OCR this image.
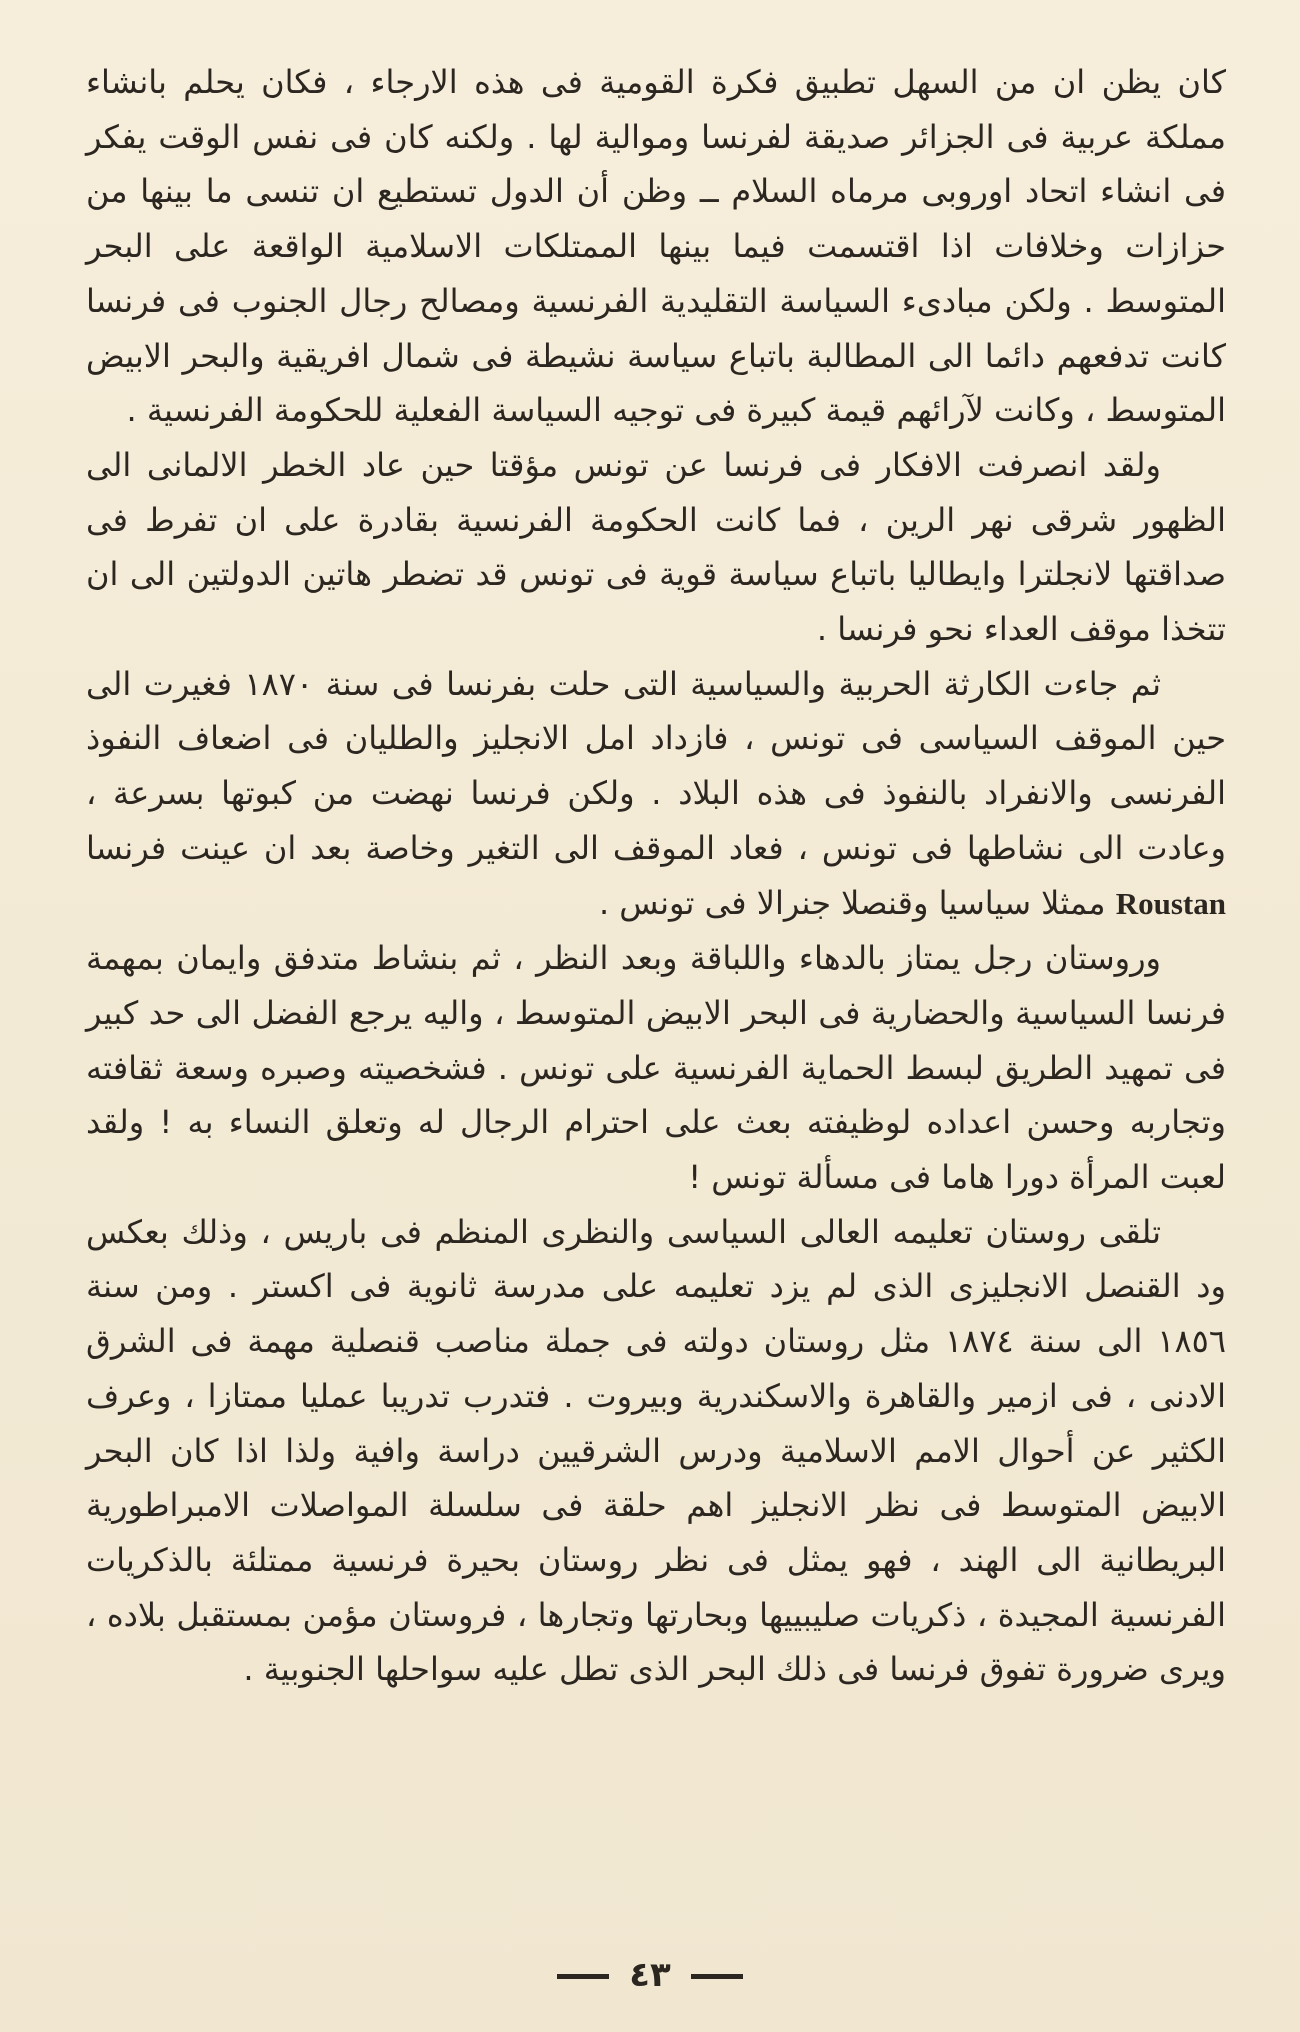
كان يظن ان من السهل تطبيق فكرة القومية فى هذه الارجاء ، فكان يحلم بانشاء مملكة عربية فى الجزائر صديقة لفرنسا وموالية لها . ولكنه كان فى نفس الوقت يفكر فى انشاء اتحاد اوروبى مرماه السلام ــ وظن أن الدول تستطيع ان تنسى ما بينها من حزازات وخلافات اذا اقتسمت فيما بينها الممتلكات الاسلامية الواقعة على البحر المتوسط . ولكن مبادىء السياسة التقليدية الفرنسية ومصالح رجال الجنوب فى فرنسا كانت تدفعهم دائما الى المطالبة باتباع سياسة نشيطة فى شمال افريقية والبحر الابيض المتوسط ، وكانت لآرائهم قيمة كبيرة فى توجيه السياسة الفعلية للحكومة الفرنسية .

ولقد انصرفت الافكار فى فرنسا عن تونس مؤقتا حين عاد الخطر الالمانى الى الظهور شرقى نهر الرين ، فما كانت الحكومة الفرنسية بقادرة على ان تفرط فى صداقتها لانجلترا وايطاليا باتباع سياسة قوية فى تونس قد تضطر هاتين الدولتين الى ان تتخذا موقف العداء نحو فرنسا .

ثم جاءت الكارثة الحربية والسياسية التى حلت بفرنسا فى سنة ١٨٧٠ فغيرت الى حين الموقف السياسى فى تونس ، فازداد امل الانجليز والطليان فى اضعاف النفوذ الفرنسى والانفراد بالنفوذ فى هذه البلاد . ولكن فرنسا نهضت من كبوتها بسرعة ، وعادت الى نشاطها فى تونس ، فعاد الموقف الى التغير وخاصة بعد ان عينت فرنسا Roustan ممثلا سياسيا وقنصلا جنرالا فى تونس .

وروستان رجل يمتاز بالدهاء واللباقة وبعد النظر ، ثم بنشاط متدفق وايمان بمهمة فرنسا السياسية والحضارية فى البحر الابيض المتوسط ، واليه يرجع الفضل الى حد كبير فى تمهيد الطريق لبسط الحماية الفرنسية على تونس . فشخصيته وصبره وسعة ثقافته وتجاربه وحسن اعداده لوظيفته بعث على احترام الرجال له وتعلق النساء به ! ولقد لعبت المرأة دورا هاما فى مسألة تونس !

تلقى روستان تعليمه العالى السياسى والنظرى المنظم فى باريس ، وذلك بعكس ود القنصل الانجليزى الذى لم يزد تعليمه على مدرسة ثانوية فى اكستر . ومن سنة ١٨٥٦ الى سنة ١٨٧٤ مثل روستان دولته فى جملة مناصب قنصلية مهمة فى الشرق الادنى ، فى ازمير والقاهرة والاسكندرية وبيروت . فتدرب تدريبا عمليا ممتازا ، وعرف الكثير عن أحوال الامم الاسلامية ودرس الشرقيين دراسة وافية ولذا اذا كان البحر الابيض المتوسط فى نظر الانجليز اهم حلقة فى سلسلة المواصلات الامبراطورية البريطانية الى الهند ، فهو يمثل فى نظر روستان بحيرة فرنسية ممتلئة بالذكريات الفرنسية المجيدة ، ذكريات صليبييها وبحارتها وتجارها ، فروستان مؤمن بمستقبل بلاده ، ويرى ضرورة تفوق فرنسا فى ذلك البحر الذى تطل عليه سواحلها الجنوبية .

٤٣
